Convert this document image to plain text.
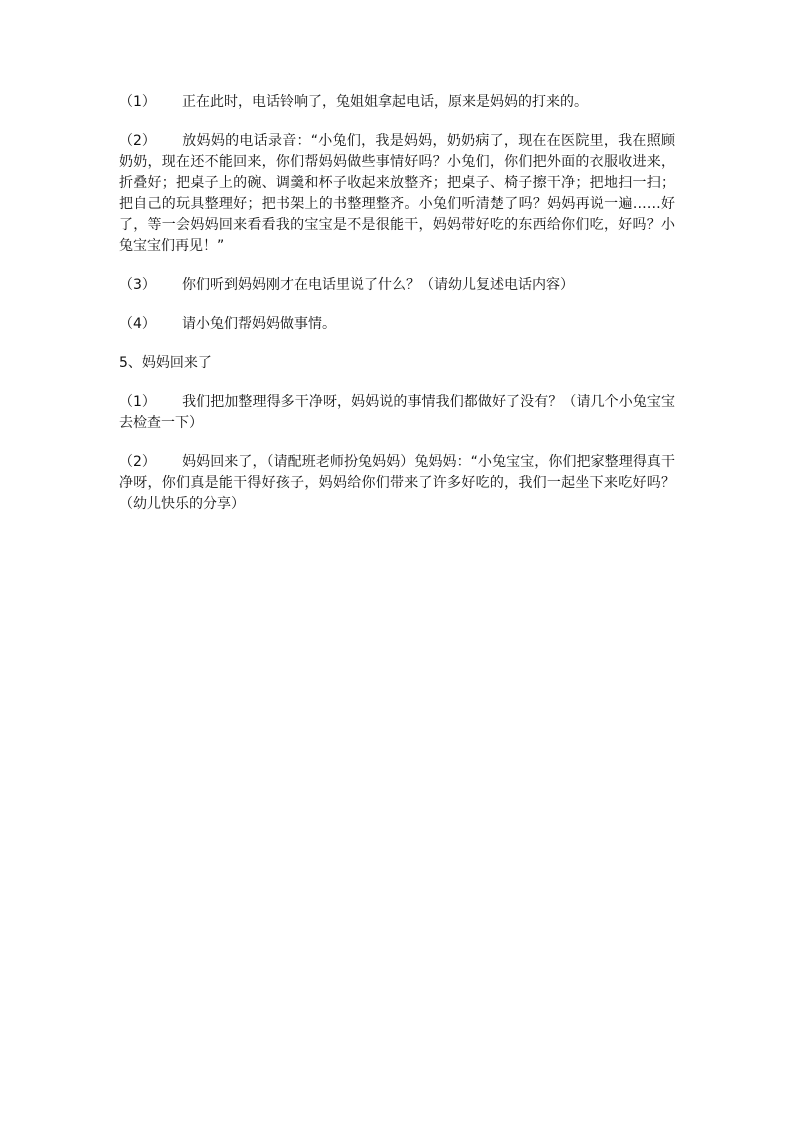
（1） 正在此时，电话铃响了，兔姐姐拿起电话，原来是妈妈的打来的。

（2） 放妈妈的电话录音：“小兔们，我是妈妈，奶奶病了，现在在医院里，我在照顾奶奶，现在还不能回来，你们帮妈妈做些事情好吗？小兔们，你们把外面的衣服收进来，折叠好；把桌子上的碗、调羹和杯子收起来放整齐；把桌子、椅子擦干净；把地扫一扫；把自己的玩具整理好；把书架上的书整理整齐。小兔们听清楚了吗？妈妈再说一遍……好了，等一会妈妈回来看看我的宝宝是不是很能干，妈妈带好吃的东西给你们吃，好吗？小兔宝宝们再见！”

（3） 你们听到妈妈刚才在电话里说了什么？（请幼儿复述电话内容）

（4） 请小兔们帮妈妈做事情。

5、妈妈回来了

（1） 我们把加整理得多干净呀，妈妈说的事情我们都做好了没有？（请几个小兔宝宝去检查一下）

（2） 妈妈回来了，（请配班老师扮兔妈妈）兔妈妈：“小兔宝宝，你们把家整理得真干净呀，你们真是能干得好孩子，妈妈给你们带来了许多好吃的，我们一起坐下来吃好吗？（幼儿快乐的分享）
